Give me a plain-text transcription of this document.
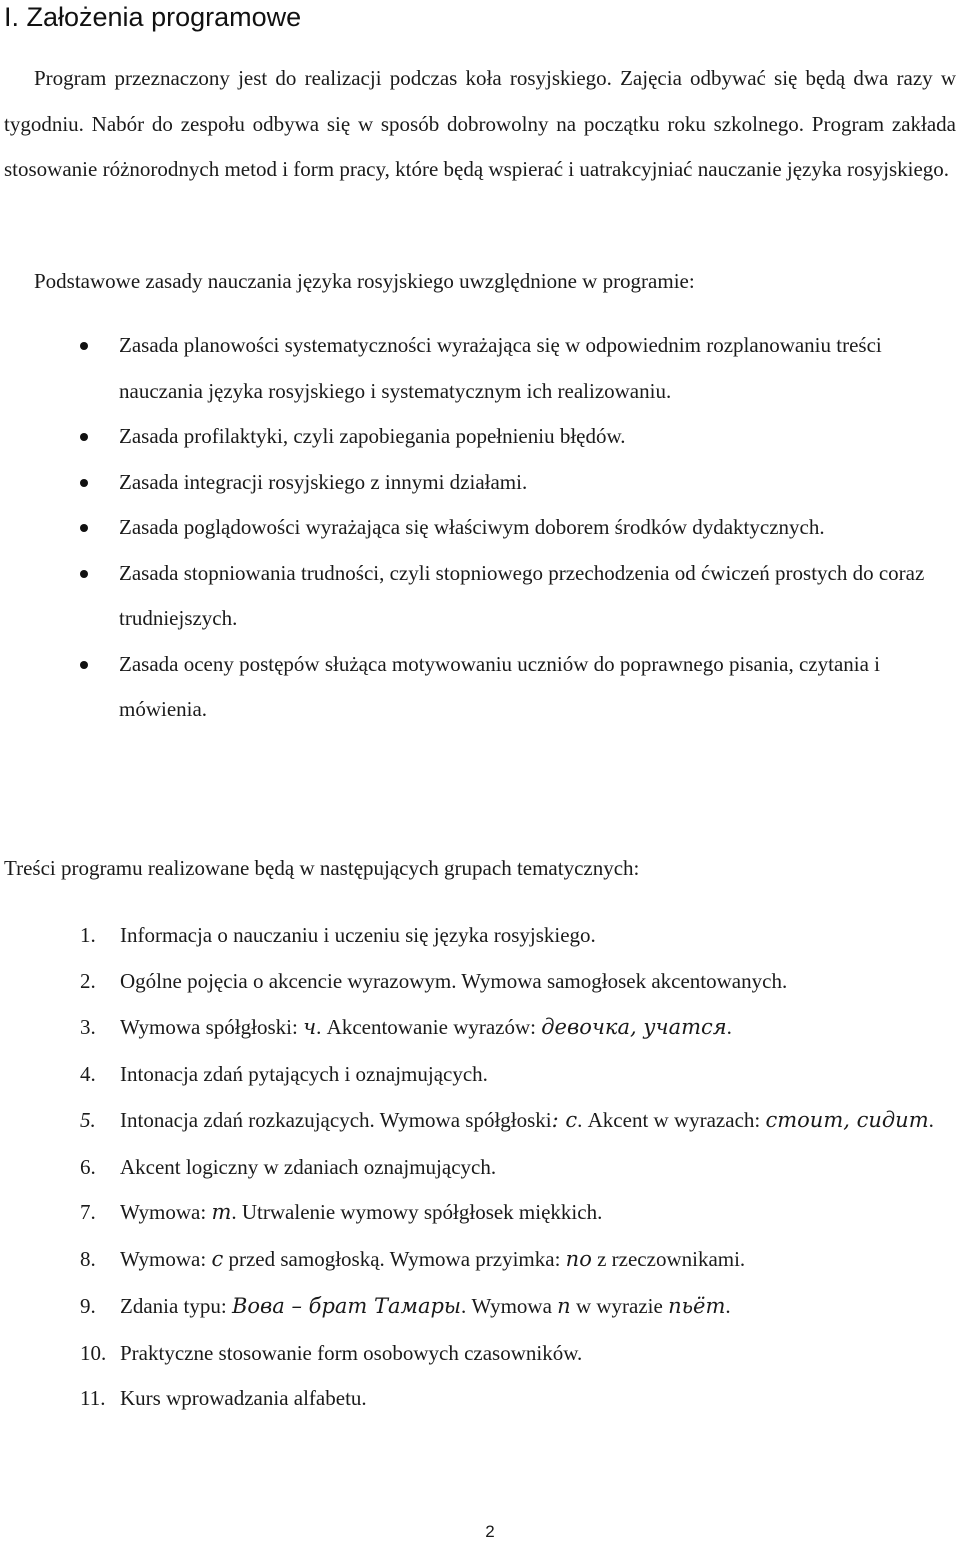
I. Założenia programowe

Program przeznaczony jest do realizacji podczas koła rosyjskiego. Zajęcia odbywać się będą dwa razy w tygodniu. Nabór do zespołu odbywa się w sposób dobrowolny na początku roku szkolnego. Program zakłada stosowanie różnorodnych metod i form pracy, które będą wspierać i uatrakcyjniać nauczanie języka rosyjskiego.

Podstawowe zasady nauczania języka rosyjskiego uwzględnione w programie:

Zasada planowości systematyczności wyrażająca się w odpowiednim rozplanowaniu treści nauczania języka rosyjskiego i systematycznym ich realizowaniu.
Zasada profilaktyki, czyli zapobiegania popełnieniu błędów.
Zasada integracji rosyjskiego z innymi działami.
Zasada poglądowości wyrażająca się właściwym doborem środków dydaktycznych.
Zasada stopniowania trudności, czyli stopniowego przechodzenia od ćwiczeń prostych do coraz trudniejszych.
Zasada oceny postępów służąca motywowaniu uczniów do poprawnego pisania, czytania i mówienia.

Treści programu realizowane będą w następujących grupach tematycznych:

1. Informacja o nauczaniu i uczeniu się języka rosyjskiego.
2. Ogólne pojęcia o akcencie wyrazowym. Wymowa samogłosek akcentowanych.
3. Wymowa spółgłoski: ч. Akcentowanie wyrazów: девочка, учатся.
4. Intonacja zdań pytających i oznajmujących.
5. Intonacja zdań rozkazujących. Wymowa spółgłoski: с. Akcent w wyrazach: стоит, сидит.
6. Akcent logiczny w zdaniach oznajmujących.
7. Wymowa: т. Utrwalenie wymowy spółgłosek miękkich.
8. Wymowa: с przed samogłoską. Wymowa przyimka: по z rzeczownikami.
9. Zdania typu: Вова – брат Тамары. Wymowa п w wyrazie пьёт.
10. Praktyczne stosowanie form osobowych czasowników.
11. Kurs wprowadzania alfabetu.
2
